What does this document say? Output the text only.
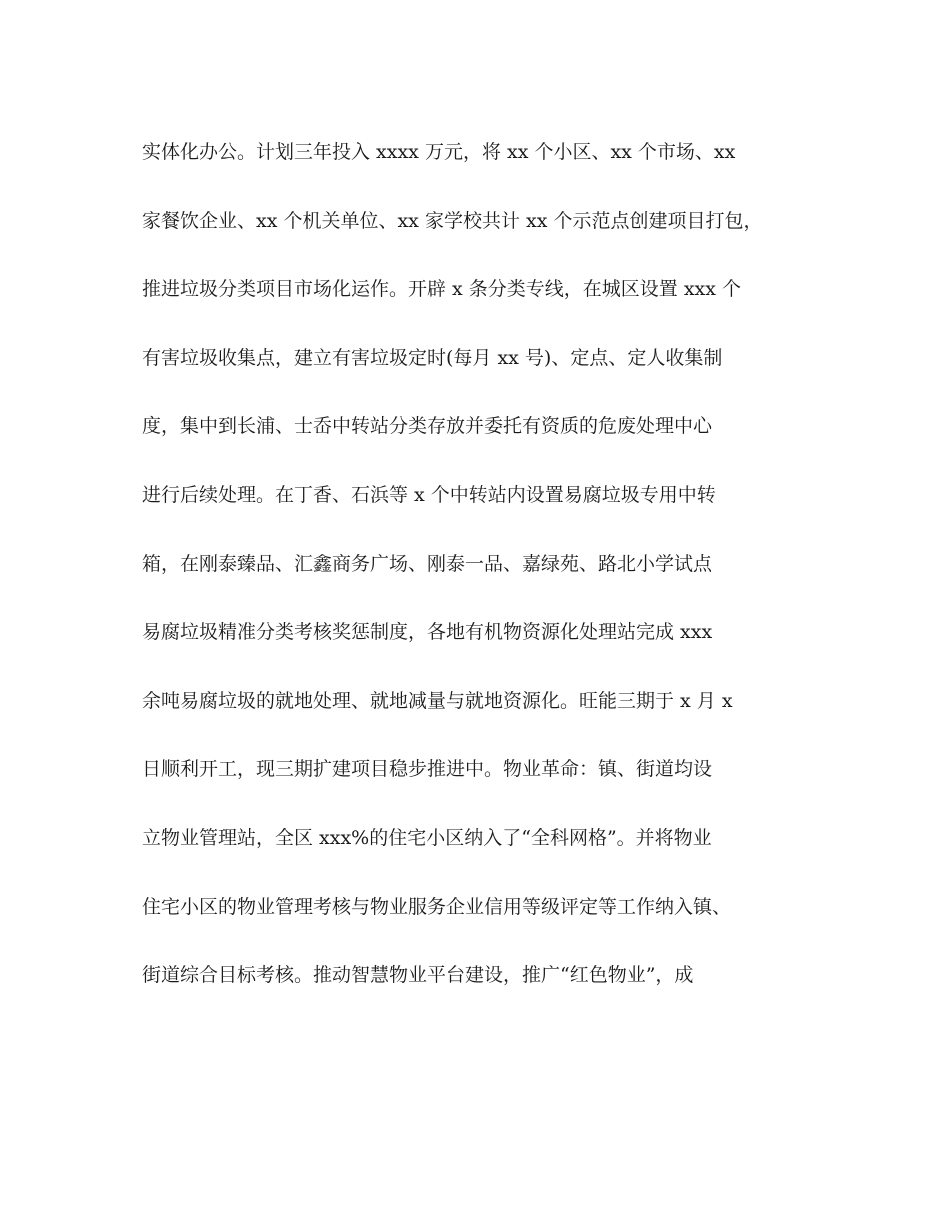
实体化办公。计划三年投入 xxxx 万元，将 xx 个小区、xx 个市场、xx
家餐饮企业、xx 个机关单位、xx 家学校共计 xx 个示范点创建项目打包，
推进垃圾分类项目市场化运作。开辟 x 条分类专线，在城区设置 xxx 个
有害垃圾收集点，建立有害垃圾定时(每月 xx 号)、定点、定人收集制
度，集中到长浦、士岙中转站分类存放并委托有资质的危废处理中心
进行后续处理。在丁香、石浜等 x 个中转站内设置易腐垃圾专用中转
箱，在刚泰臻品、汇鑫商务广场、刚泰一品、嘉绿苑、路北小学试点
易腐垃圾精准分类考核奖惩制度，各地有机物资源化处理站完成 xxx
余吨易腐垃圾的就地处理、就地减量与就地资源化。旺能三期于 x 月 x
日顺利开工，现三期扩建项目稳步推进中。物业革命：镇、街道均设
立物业管理站，全区 xxx%的住宅小区纳入了“全科网格”。并将物业
住宅小区的物业管理考核与物业服务企业信用等级评定等工作纳入镇、
街道综合目标考核。推动智慧物业平台建设，推广“红色物业”，成
